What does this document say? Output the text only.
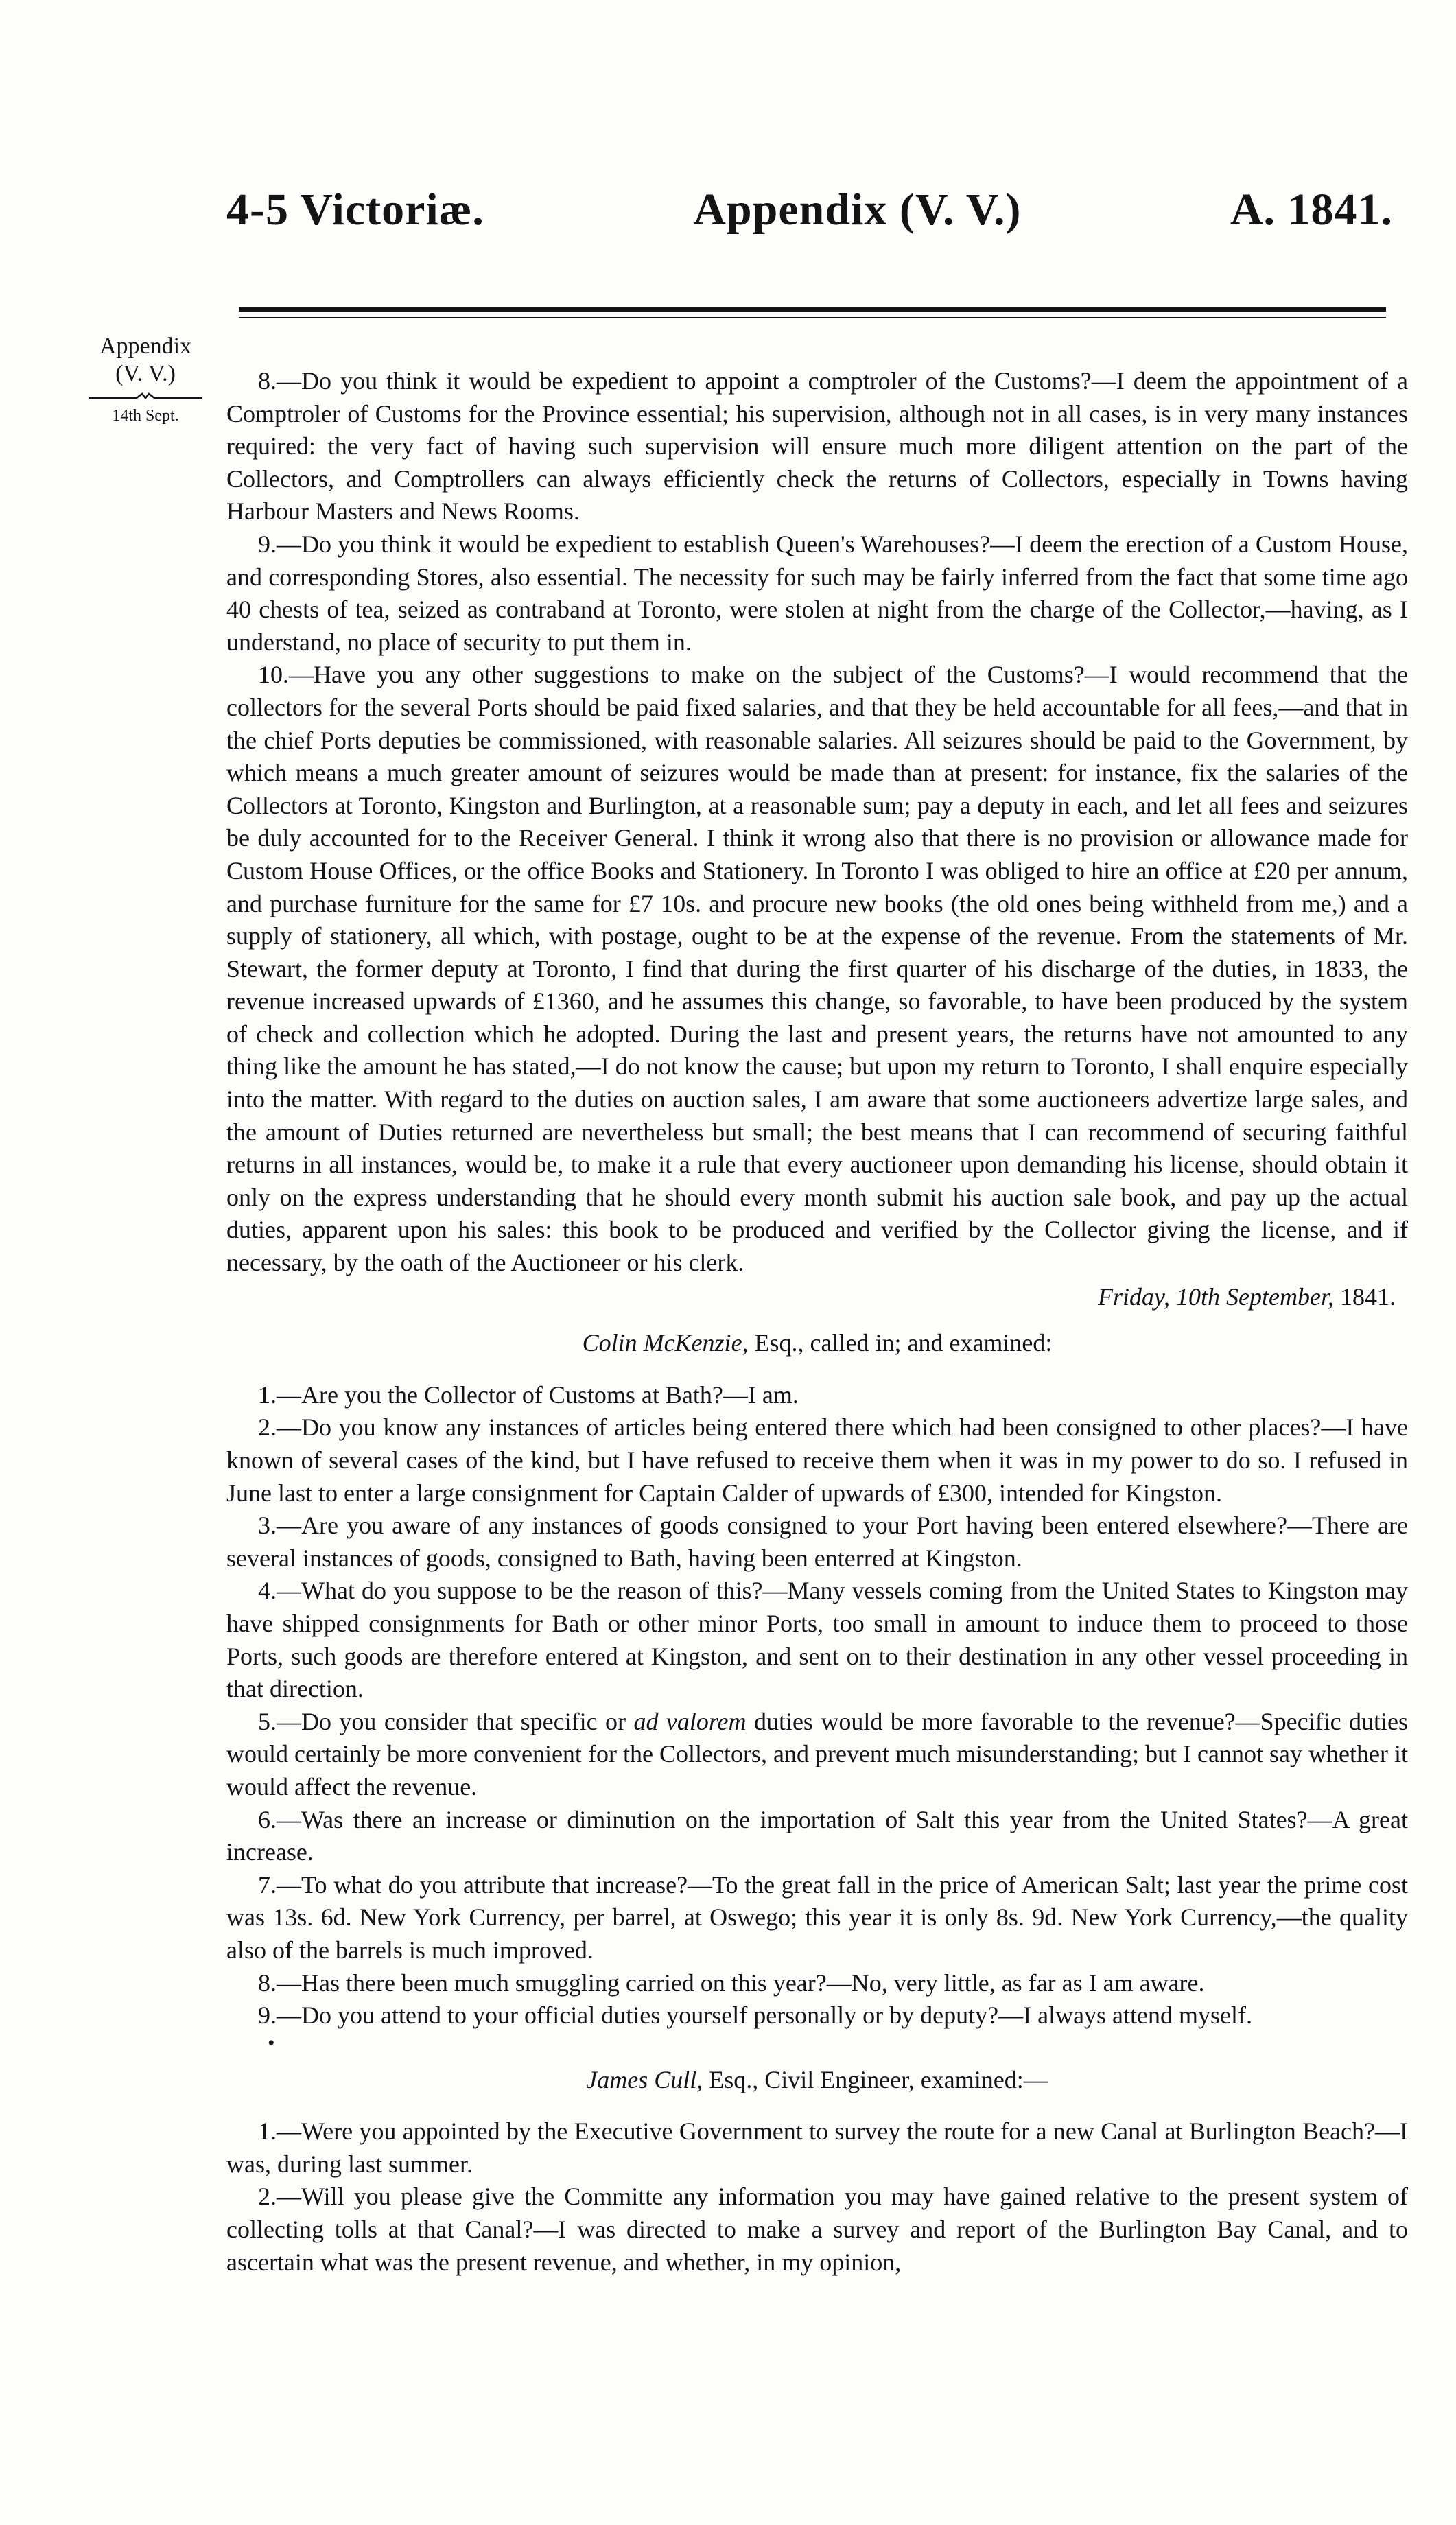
4-5 Victoriæ.	Appendix (V. V.)	A. 1841.
Appendix
(V. V.)
14th Sept.

8.—Do you think it would be expedient to appoint a comptroler of the Customs?—I deem the appointment of a Comptroler of Customs for the Province essential; his supervision, although not in all cases, is in very many instances required: the very fact of having such supervision will ensure much more diligent attention on the part of the Collectors, and Comptrollers can always efficiently check the returns of Collectors, especially in Towns having Harbour Masters and News Rooms.

9.—Do you think it would be expedient to establish Queen's Warehouses?—I deem the erection of a Custom House, and corresponding Stores, also essential. The necessity for such may be fairly inferred from the fact that some time ago 40 chests of tea, seized as contraband at Toronto, were stolen at night from the charge of the Collector,—having, as I understand, no place of security to put them in.

10.—Have you any other suggestions to make on the subject of the Customs?—I would recommend that the collectors for the several Ports should be paid fixed salaries, and that they be held accountable for all fees,—and that in the chief Ports deputies be commissioned, with reasonable salaries. All seizures should be paid to the Government, by which means a much greater amount of seizures would be made than at present: for instance, fix the salaries of the Collectors at Toronto, Kingston and Burlington, at a reasonable sum; pay a deputy in each, and let all fees and seizures be duly accounted for to the Receiver General. I think it wrong also that there is no provision or allowance made for Custom House Offices, or the office Books and Stationery. In Toronto I was obliged to hire an office at £20 per annum, and purchase furniture for the same for £7 10s. and procure new books (the old ones being withheld from me,) and a supply of stationery, all which, with postage, ought to be at the expense of the revenue. From the statements of Mr. Stewart, the former deputy at Toronto, I find that during the first quarter of his discharge of the duties, in 1833, the revenue increased upwards of £1360, and he assumes this change, so favorable, to have been produced by the system of check and collection which he adopted. During the last and present years, the returns have not amounted to any thing like the amount he has stated,—I do not know the cause; but upon my return to Toronto, I shall enquire especially into the matter. With regard to the duties on auction sales, I am aware that some auctioneers advertize large sales, and the amount of Duties returned are nevertheless but small; the best means that I can recommend of securing faithful returns in all instances, would be, to make it a rule that every auctioneer upon demanding his license, should obtain it only on the express understanding that he should every month submit his auction sale book, and pay up the actual duties, apparent upon his sales: this book to be produced and verified by the Collector giving the license, and if necessary, by the oath of the Auctioneer or his clerk.

Friday, 10th September, 1841.

Colin McKenzie, Esq., called in; and examined:

1.—Are you the Collector of Customs at Bath?—I am.

2.—Do you know any instances of articles being entered there which had been consigned to other places?—I have known of several cases of the kind, but I have refused to receive them when it was in my power to do so. I refused in June last to enter a large consignment for Captain Calder of upwards of £300, intended for Kingston.

3.—Are you aware of any instances of goods consigned to your Port having been entered elsewhere?—There are several instances of goods, consigned to Bath, having been enterred at Kingston.

4.—What do you suppose to be the reason of this?—Many vessels coming from the United States to Kingston may have shipped consignments for Bath or other minor Ports, too small in amount to induce them to proceed to those Ports, such goods are therefore entered at Kingston, and sent on to their destination in any other vessel proceeding in that direction.

5.—Do you consider that specific or ad valorem duties would be more favorable to the revenue?—Specific duties would certainly be more convenient for the Collectors, and prevent much misunderstanding; but I cannot say whether it would affect the revenue.

6.—Was there an increase or diminution on the importation of Salt this year from the United States?—A great increase.

7.—To what do you attribute that increase?—To the great fall in the price of American Salt; last year the prime cost was 13s. 6d. New York Currency, per barrel, at Oswego; this year it is only 8s. 9d. New York Currency,—the quality also of the barrels is much improved.

8.—Has there been much smuggling carried on this year?—No, very little, as far as I am aware.

9.—Do you attend to your official duties yourself personally or by deputy?—I always attend myself.

•

James Cull, Esq., Civil Engineer, examined:—

1.—Were you appointed by the Executive Government to survey the route for a new Canal at Burlington Beach?—I was, during last summer.

2.—Will you please give the Committe any information you may have gained relative to the present system of collecting tolls at that Canal?—I was directed to make a survey and report of the Burlington Bay Canal, and to ascertain what was the present revenue, and whether, in my opinion,
